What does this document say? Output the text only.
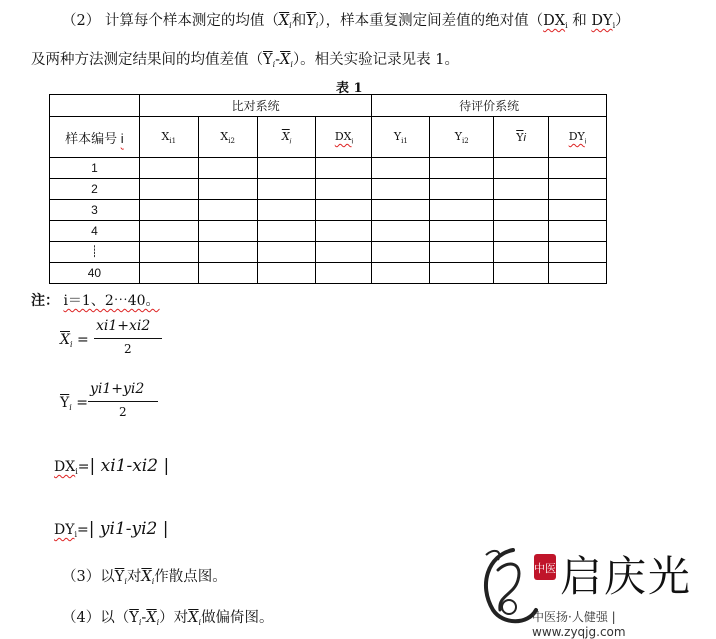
（2） 计算每个样本测定的均值（$\overline{X}_i$和$\overline{Y}_i$），样本重复测定间差值的绝对值（$DX_i$ 和 $DY_i$）
及两种方法测定结果间的均值差值$(\overline{Y}_i-\overline{X}_i)$。相关实验记录见表 1。
表 1
	比对系统				待评价系统			
样本编号 i	$X_{i1}$	$X_{i2}$	$\overline{X}_i$	$DX_i$	$Y_{i1}$	$Y_{i2}$	$\overline{Y}i$	$DY_i$
1								
2								
3								
4								
┊								
40								
注： i＝1、2⋯40。
$\overline{X}_i$ =
xi1+xi2
2
$\overline{Y}_i$ =
yi1+yi2
2
$DX_i=|$ xi1-xi2 |
$DY_i=|$ yi1-yi2 |
（3）以$\overline{Y}_i$对$\overline{X}_i$作散点图。
（4）以$(\overline{Y}_i-\overline{X}_i)$对$\overline{X}_i$做偏倚图。
中医 启庆光
中医扬·人健强 | www.zyqjg.com
